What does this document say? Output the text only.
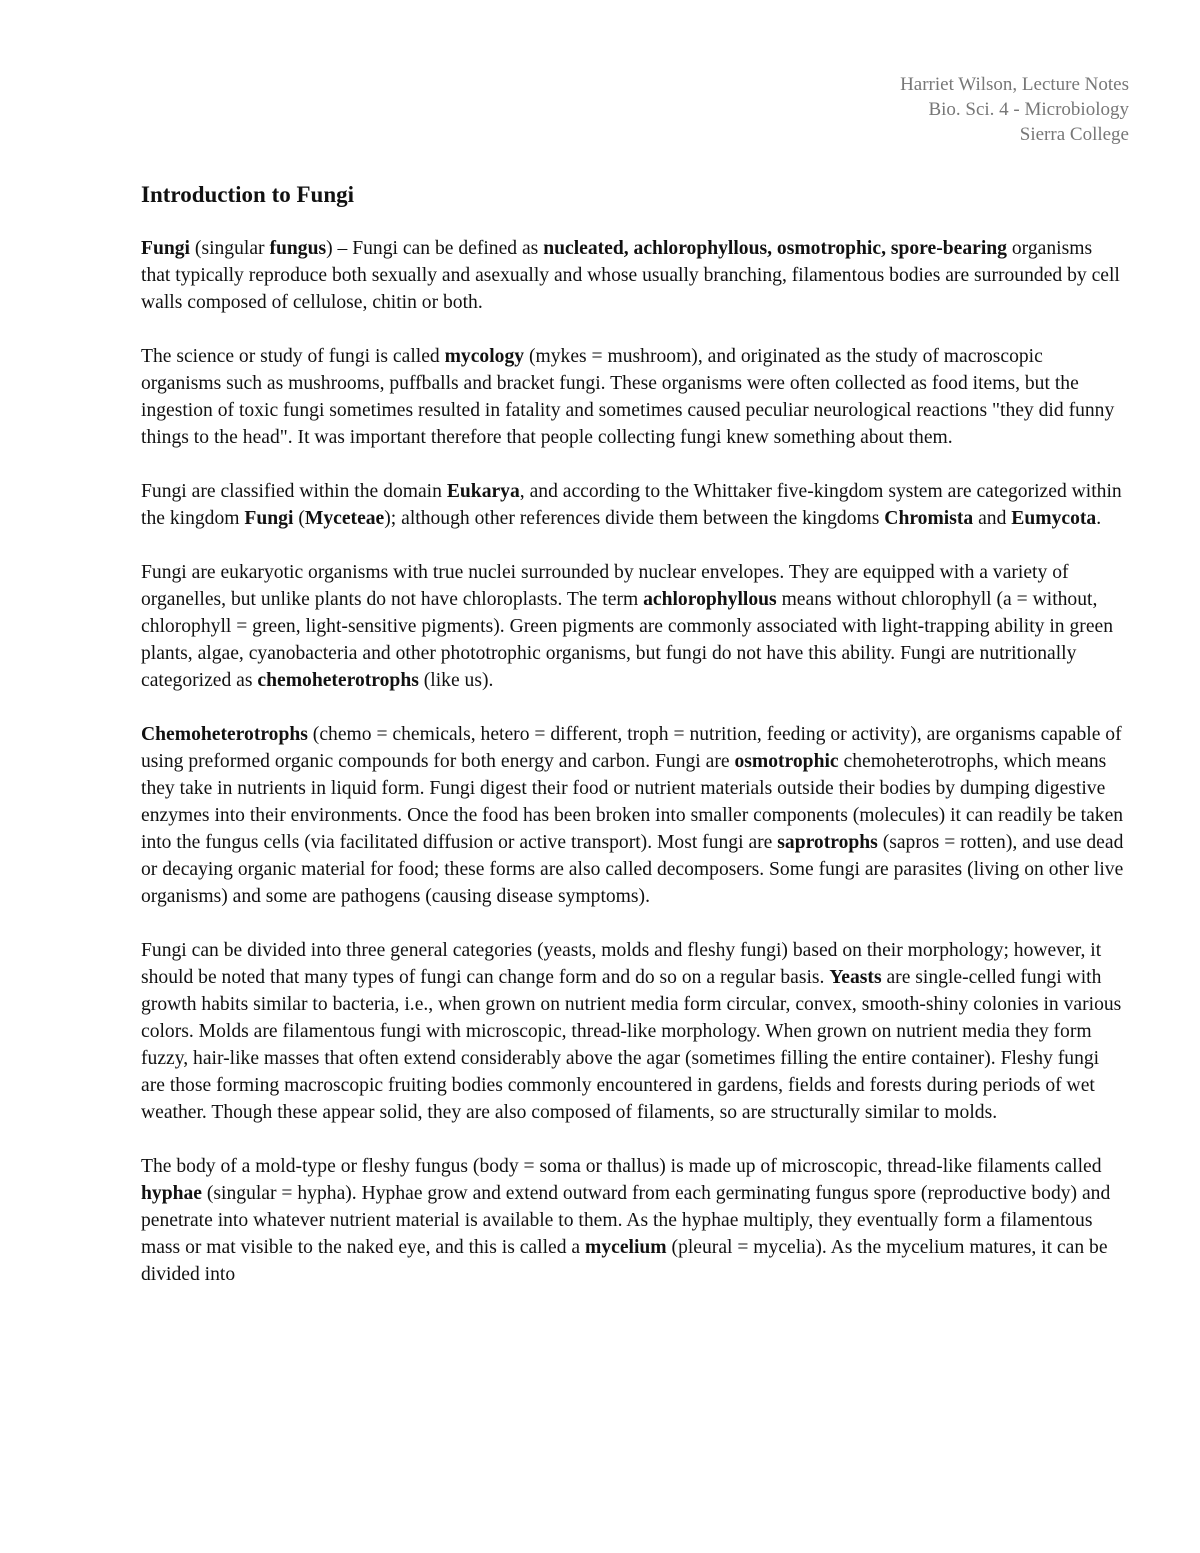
Harriet Wilson, Lecture Notes
Bio. Sci. 4 - Microbiology
Sierra College
Introduction to Fungi

Fungi (singular fungus) – Fungi can be defined as nucleated, achlorophyllous, osmotrophic, spore-bearing organisms that typically reproduce both sexually and asexually and whose usually branching, filamentous bodies are surrounded by cell walls composed of cellulose, chitin or both.

The science or study of fungi is called mycology (mykes = mushroom), and originated as the study of macroscopic organisms such as mushrooms, puffballs and bracket fungi. These organisms were often collected as food items, but the ingestion of toxic fungi sometimes resulted in fatality and sometimes caused peculiar neurological reactions "they did funny things to the head". It was important therefore that people collecting fungi knew something about them.

Fungi are classified within the domain Eukarya, and according to the Whittaker five-kingdom system are categorized within the kingdom Fungi (Myceteae); although other references divide them between the kingdoms Chromista and Eumycota.

Fungi are eukaryotic organisms with true nuclei surrounded by nuclear envelopes. They are equipped with a variety of organelles, but unlike plants do not have chloroplasts. The term achlorophyllous means without chlorophyll (a = without, chlorophyll = green, light-sensitive pigments). Green pigments are commonly associated with light-trapping ability in green plants, algae, cyanobacteria and other phototrophic organisms, but fungi do not have this ability. Fungi are nutritionally categorized as chemoheterotrophs (like us).

Chemoheterotrophs (chemo = chemicals, hetero = different, troph = nutrition, feeding or activity), are organisms capable of using preformed organic compounds for both energy and carbon. Fungi are osmotrophic chemoheterotrophs, which means they take in nutrients in liquid form. Fungi digest their food or nutrient materials outside their bodies by dumping digestive enzymes into their environments. Once the food has been broken into smaller components (molecules) it can readily be taken into the fungus cells (via facilitated diffusion or active transport). Most fungi are saprotrophs (sapros = rotten), and use dead or decaying organic material for food; these forms are also called decomposers. Some fungi are parasites (living on other live organisms) and some are pathogens (causing disease symptoms).

Fungi can be divided into three general categories (yeasts, molds and fleshy fungi) based on their morphology; however, it should be noted that many types of fungi can change form and do so on a regular basis. Yeasts are single-celled fungi with growth habits similar to bacteria, i.e., when grown on nutrient media form circular, convex, smooth-shiny colonies in various colors. Molds are filamentous fungi with microscopic, thread-like morphology. When grown on nutrient media they form fuzzy, hair-like masses that often extend considerably above the agar (sometimes filling the entire container). Fleshy fungi are those forming macroscopic fruiting bodies commonly encountered in gardens, fields and forests during periods of wet weather. Though these appear solid, they are also composed of filaments, so are structurally similar to molds.

The body of a mold-type or fleshy fungus (body = soma or thallus) is made up of microscopic, thread-like filaments called hyphae (singular = hypha). Hyphae grow and extend outward from each germinating fungus spore (reproductive body) and penetrate into whatever nutrient material is available to them. As the hyphae multiply, they eventually form a filamentous mass or mat visible to the naked eye, and this is called a mycelium (pleural = mycelia). As the mycelium matures, it can be divided into
